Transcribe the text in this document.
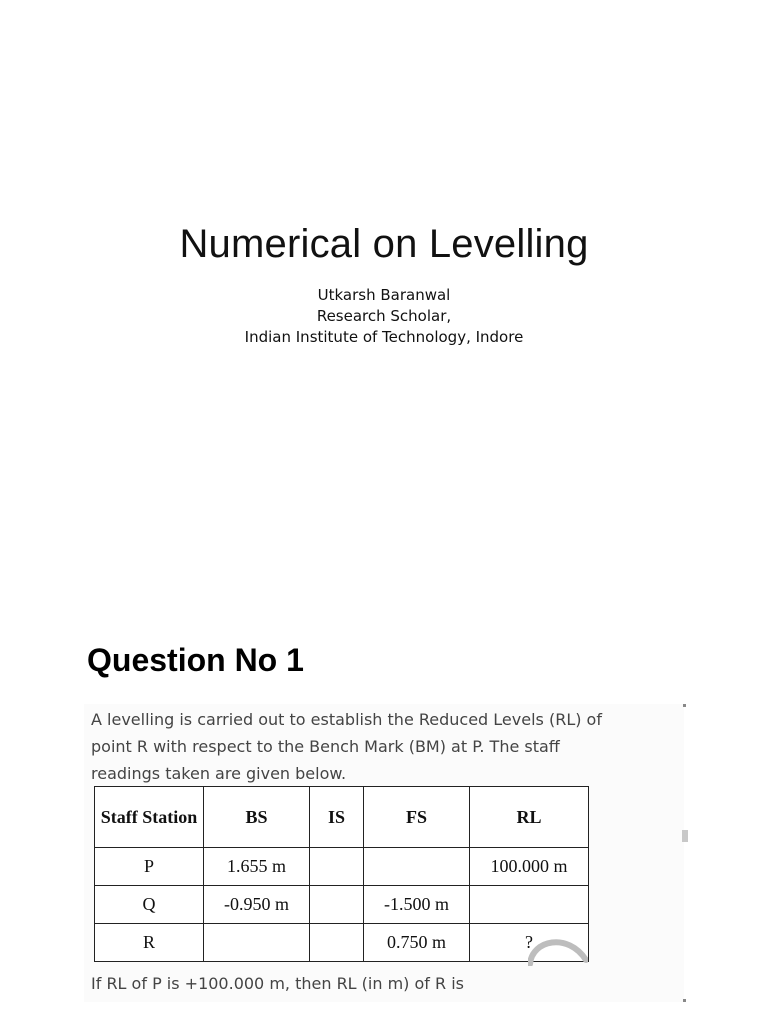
Numerical on Levelling
Utkarsh Baranwal
Research Scholar,
Indian Institute of Technology, Indore
Question No 1
A levelling is carried out to establish the Reduced Levels (RL) of point R with respect to the Bench Mark (BM) at P. The staff readings taken are given below.
Staff Station	BS	IS	FS	RL
P	1.655 m			100.000 m
Q	-0.950 m		-1.500 m	
R			0.750 m	?
If RL of P is +100.000 m, then RL (in m) of R is
